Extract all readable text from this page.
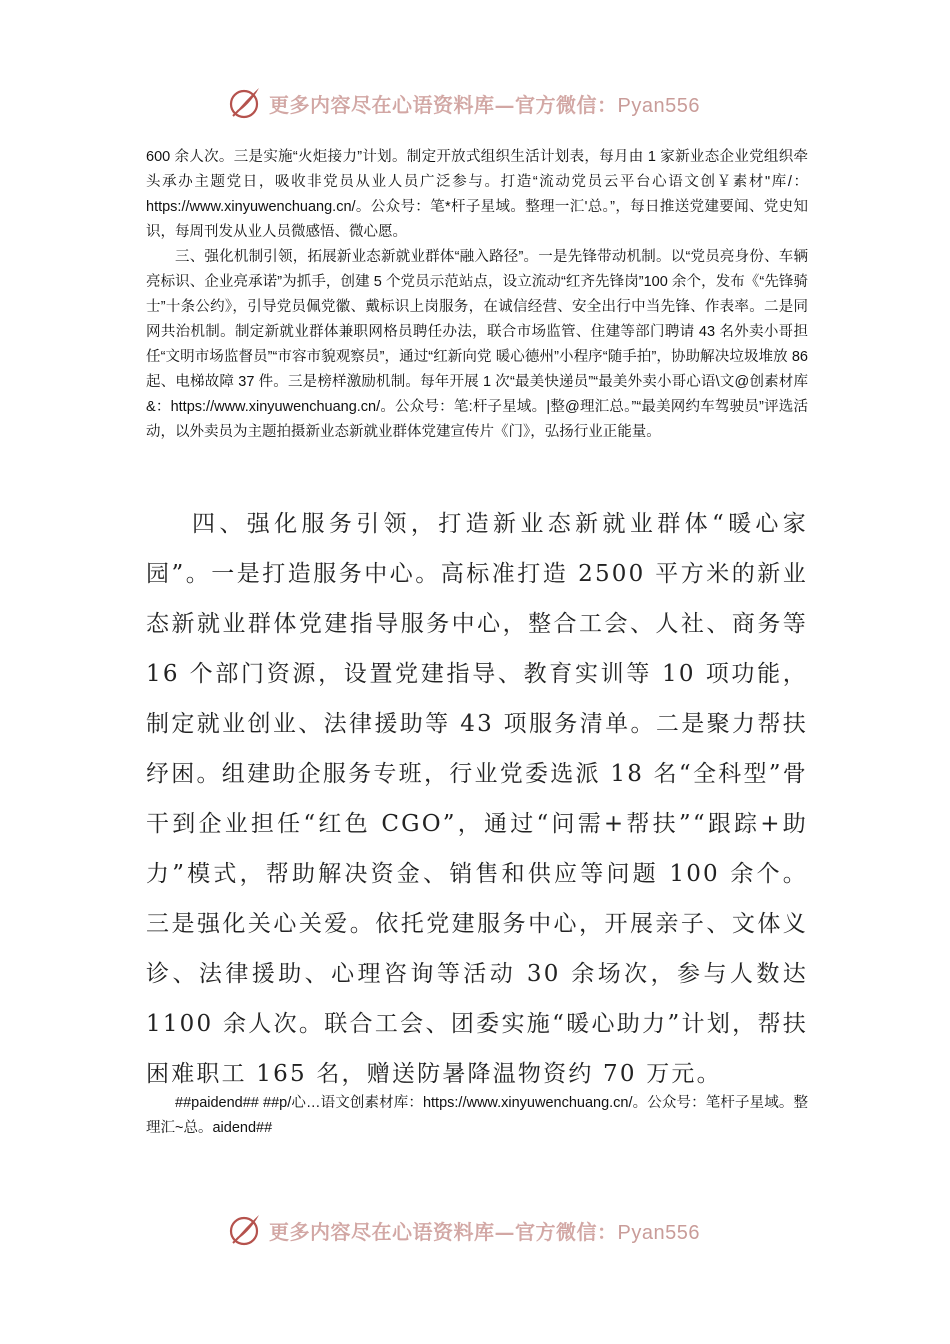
更多内容尽在心语资料库—官方微信：Pyan556

600 余人次。三是实施“火炬接力”计划。制定开放式组织生活计划表，每月由 1 家新业态企业党组织牵头承办主题党日，吸收非党员从业人员广泛参与。打造“流动党员云平台心语文创￥素材"库/：https://www.xinyuwenchuang.cn/。公众号：笔*杆子星域。整理一汇'总。”，每日推送党建要闻、党史知识，每周刊发从业人员微感悟、微心愿。

三、强化机制引领，拓展新业态新就业群体“融入路径”。一是先锋带动机制。以“党员亮身份、车辆亮标识、企业亮承诺”为抓手，创建 5 个党员示范站点，设立流动“红齐先锋岗”100 余个，发布《“先锋骑士”十条公约》，引导党员佩党徽、戴标识上岗服务，在诚信经营、安全出行中当先锋、作表率。二是同网共治机制。制定新就业群体兼职网格员聘任办法，联合市场监管、住建等部门聘请 43 名外卖小哥担任“文明市场监督员”“市容市貌观察员”，通过“红新向党 暖心德州”小程序“随手拍”，协助解决垃圾堆放 86 起、电梯故障 37 件。三是榜样激励机制。每年开展 1 次“最美快递员”“最美外卖小哥心语\文@创素材库&：https://www.xinyuwenchuang.cn/。公众号：笔:杆子星域。|整@理汇总。”“最美网约车驾驶员”评选活动，以外卖员为主题拍摄新业态新就业群体党建宣传片《门》，弘扬行业正能量。

四、强化服务引领，打造新业态新就业群体“暖心家园”。一是打造服务中心。高标准打造 2500 平方米的新业态新就业群体党建指导服务中心，整合工会、人社、商务等 16 个部门资源，设置党建指导、教育实训等 10 项功能，制定就业创业、法律援助等 43 项服务清单。二是聚力帮扶纾困。组建助企服务专班，行业党委选派 18 名“全科型”骨干到企业担任“红色 CGO”，通过“问需+帮扶”“跟踪+助力”模式，帮助解决资金、销售和供应等问题 100 余个。三是强化关心关爱。依托党建服务中心，开展亲子、文体义诊、法律援助、心理咨询等活动 30 余场次，参与人数达 1100 余人次。联合工会、团委实施“暖心助力”计划，帮扶困难职工 165 名，赠送防暑降温物资约 70 万元。

##paidend## ##p/心…语文创素材库：https://www.xinyuwenchuang.cn/。公众号：笔杆子星域。整理汇~总。aidend##

更多内容尽在心语资料库—官方微信：Pyan556
